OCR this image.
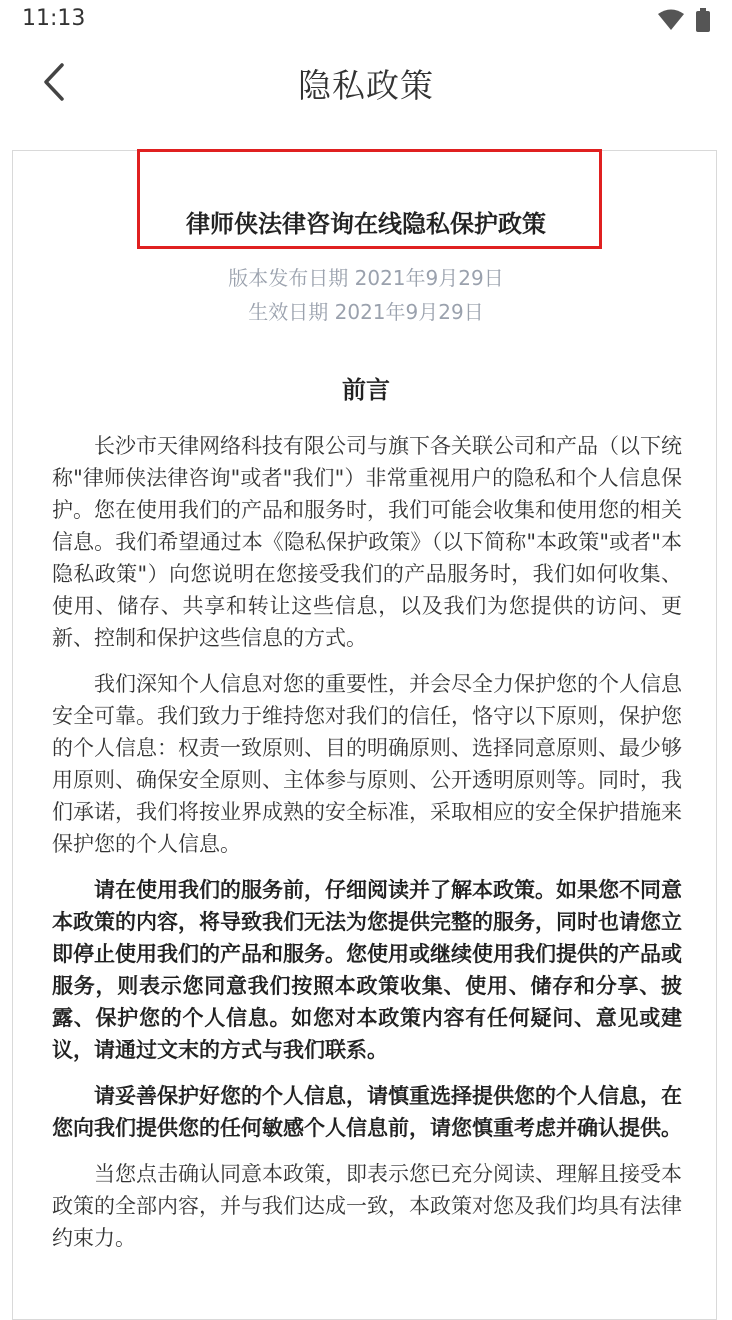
11:13
隐私政策
律师侠法律咨询在线隐私保护政策
版本发布日期 2021年9月29日
生效日期 2021年9月29日
前言

长沙市天律网络科技有限公司与旗下各关联公司和产品（以下统称"律师侠法律咨询"或者"我们"）非常重视用户的隐私和个人信息保护。您在使用我们的产品和服务时，我们可能会收集和使用您的相关信息。我们希望通过本《隐私保护政策》（以下简称"本政策"或者"本隐私政策"）向您说明在您接受我们的产品服务时，我们如何收集、使用、储存、共享和转让这些信息，以及我们为您提供的访问、更新、控制和保护这些信息的方式。

我们深知个人信息对您的重要性，并会尽全力保护您的个人信息安全可靠。我们致力于维持您对我们的信任，恪守以下原则，保护您的个人信息：权责一致原则、目的明确原则、选择同意原则、最少够用原则、确保安全原则、主体参与原则、公开透明原则等。同时，我们承诺，我们将按业界成熟的安全标准，采取相应的安全保护措施来保护您的个人信息。

请在使用我们的服务前，仔细阅读并了解本政策。如果您不同意本政策的内容，将导致我们无法为您提供完整的服务，同时也请您立即停止使用我们的产品和服务。您使用或继续使用我们提供的产品或服务，则表示您同意我们按照本政策收集、使用、储存和分享、披露、保护您的个人信息。如您对本政策内容有任何疑问、意见或建议，请通过文末的方式与我们联系。

请妥善保护好您的个人信息，请慎重选择提供您的个人信息，在您向我们提供您的任何敏感个人信息前，请您慎重考虑并确认提供。

当您点击确认同意本政策，即表示您已充分阅读、理解且接受本政策的全部内容，并与我们达成一致，本政策对您及我们均具有法律约束力。
